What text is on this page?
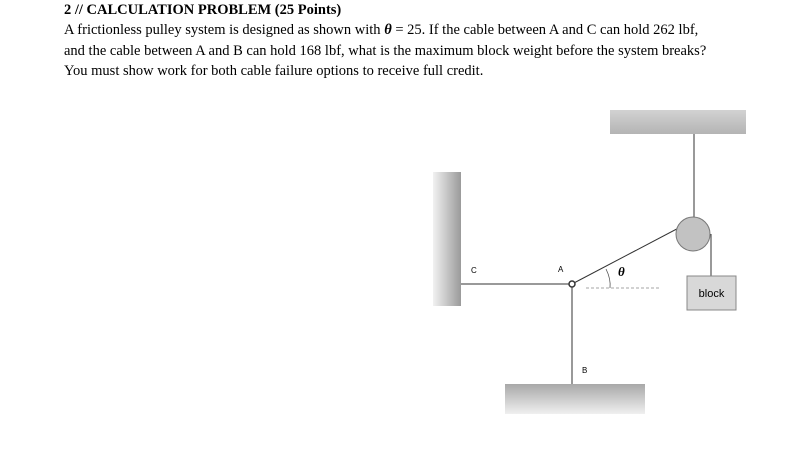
2 // CALCULATION PROBLEM (25 Points)

A frictionless pulley system is designed as shown with θ = 25. If the cable between A and C can hold 262 lbf,

and the cable between A and B can hold 168 lbf, what is the maximum block weight before the system breaks?

You must show work for both cable failure options to receive full credit.

C	A
B
θ
block
